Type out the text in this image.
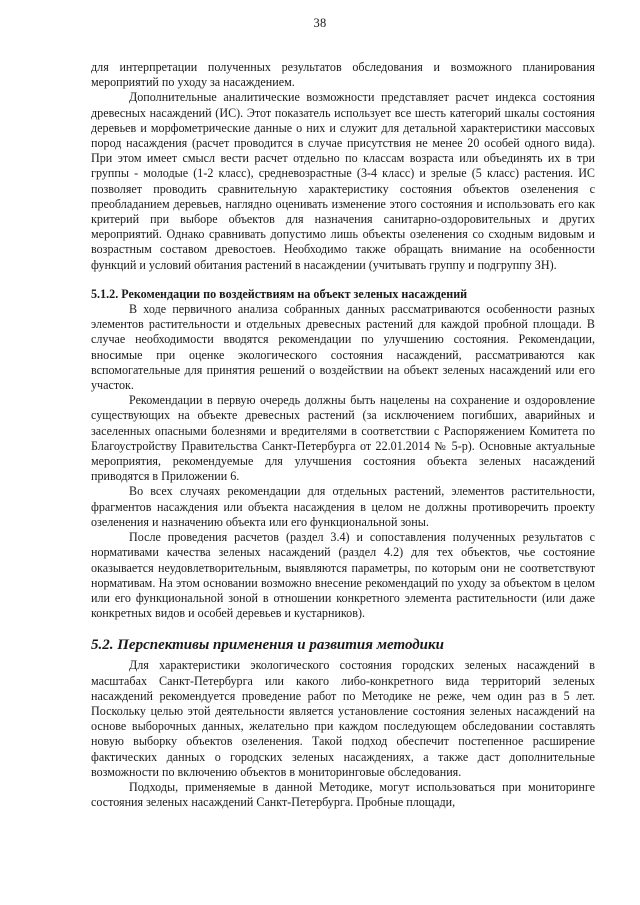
38

для интерпретации полученных результатов обследования и возможного планирования мероприятий по уходу за насаждением.

Дополнительные аналитические возможности представляет расчет индекса состояния древесных насаждений (ИС). Этот показатель использует все шесть категорий шкалы состояния деревьев и морфометрические данные о них и служит для детальной характеристики массовых пород насаждения (расчет проводится в случае присутствия не менее 20 особей одного вида). При этом имеет смысл вести расчет отдельно по классам возраста или объединять их в три группы - молодые (1-2 класс), средневозрастные (3-4 класс) и зрелые (5 класс) растения. ИС позволяет проводить сравнительную характеристику состояния объектов озеленения с преобладанием деревьев, наглядно оценивать изменение этого состояния и использовать его как критерий при выборе объектов для назначения санитарно-оздоровительных и других мероприятий. Однако сравнивать допустимо лишь объекты озеленения со сходным видовым и возрастным составом древостоев. Необходимо также обращать внимание на особенности функций и условий обитания растений в насаждении (учитывать группу и подгруппу ЗН).

5.1.2. Рекомендации по воздействиям на объект зеленых насаждений

В ходе первичного анализа собранных данных рассматриваются особенности разных элементов растительности и отдельных древесных растений для каждой пробной площади. В случае необходимости вводятся рекомендации по улучшению состояния. Рекомендации, вносимые при оценке экологического состояния насаждений, рассматриваются как вспомогательные для принятия решений о воздействии на объект зеленых насаждений или его участок.

Рекомендации в первую очередь должны быть нацелены на сохранение и оздоровление существующих на объекте древесных растений (за исключением погибших, аварийных и заселенных опасными болезнями и вредителями в соответствии с Распоряжением Комитета по Благоустройству Правительства Санкт-Петербурга от 22.01.2014 № 5-р). Основные актуальные мероприятия, рекомендуемые для улучшения состояния объекта зеленых насаждений приводятся в Приложении 6.

Во всех случаях рекомендации для отдельных растений, элементов растительности, фрагментов насаждения или объекта насаждения в целом не должны противоречить проекту озеленения и назначению объекта или его функциональной зоны.

После проведения расчетов (раздел 3.4) и сопоставления полученных результатов с нормативами качества зеленых насаждений (раздел 4.2) для тех объектов, чье состояние оказывается неудовлетворительным, выявляются параметры, по которым они не соответствуют нормативам. На этом основании возможно внесение рекомендаций по уходу за объектом в целом или его функциональной зоной в отношении конкретного элемента растительности (или даже конкретных видов и особей деревьев и кустарников).

5.2. Перспективы применения и развития методики

Для характеристики экологического состояния городских зеленых насаждений в масштабах Санкт-Петербурга или какого либо-конкретного вида территорий зеленых насаждений рекомендуется проведение работ по Методике не реже, чем один раз в 5 лет. Поскольку целью этой деятельности является установление состояния зеленых насаждений на основе выборочных данных, желательно при каждом последующем обследовании составлять новую выборку объектов озеленения. Такой подход обеспечит постепенное расширение фактических данных о городских зеленых насаждениях, а также даст дополнительные возможности по включению объектов в мониторинговые обследования.

Подходы, применяемые в данной Методике, могут использоваться при мониторинге состояния зеленых насаждений Санкт-Петербурга. Пробные площади,
